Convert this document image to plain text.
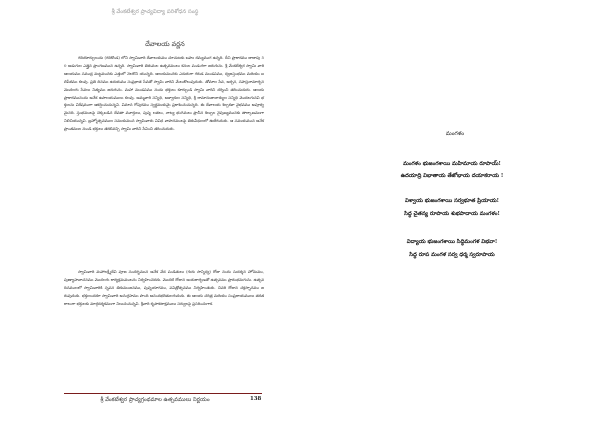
శ్రీ వేంకటేశ్వర ప్రాచ్యవిద్యా పరిశోధన సంస్థ
దేవాలయ వర్ణన
గదియోర్పులందు (గదికొండ) లోని స్వామివారి దేవాలయము చూచుటకు బహు రమ్యముగ ఉన్నది. దీని ప్రాకారము దాదాపు 50 అడుగుల ఎత్తైన ప్రాంగణమున ఉన్నది. స్వామివారి తిరుమల ఉత్సవములు కనుల పండుగగా జరుగును. శ్రీ వేంకటేశ్వర స్వామి వారి ఆలయము సముద్ర మట్టమునకు ఎత్తులో నెలకొని యున్నది. ఆలయమునకు ఎదురుగా గరుడ మండపము, ధ్వజస్తంభము మరియు బలిపీఠము కలవు. ప్రతి దినము ఉదయము సుప్రభాత సేవతో స్వామి వారిని మేలుకొలుపుదురు. తోమాల సేవ, అర్చన, సహస్రనామార్చన మొదలగు సేవలు నిత్యము జరుగును. మహా మండపము నందు భక్తులు కూర్చుండి స్వామి వారిని దర్శించి తరించుదురు. ఆలయ ప్రాకారమునందు అనేక ఉపాలయములు కలవు. అమ్మవారి సన్నిధి, ఆళ్వారుల సన్నిధి, శ్రీ రామానుజాచార్యుల సన్నిధి మొదలగునవి భక్తులను విశేషముగా ఆకర్షించుచున్నవి. విమాన గోపురము స్వర్ణమయమై ప్రకాశించుచున్నది. ఈ దేవాలయ శిల్పకళా వైభవము అపూర్వమైనది. స్తంభములపై చెక్కబడిన దేవతా మూర్తులు, పుష్ప లతలు, నాట్య భంగిమలు ప్రాచీన శిల్పుల నైపుణ్యమునకు తార్కాణముగా నిలిచియున్నవి. బ్రహ్మోత్సవముల సమయమున స్వామివారు వివిధ వాహనములపై తిరువీధులలో ఊరేగుదురు. ఆ సమయమున అనేక ప్రాంతముల నుండి భక్తులు తరలివచ్చి స్వామి వారిని సేవించి తరించుదురు.
స్వామివారి మహాలక్ష్మీదేవి పూజ సందర్భమున అనేక వేద పండితులు (గురు సాన్నిధ్య) రోజు నందు సుదర్శన హోమము, పుణ్యాహవాచనము మొదలగు కార్యక్రమములను నిర్వహించెదరు. మొదటి రోజున అంకురార్పణతో ఉత్సవము ప్రారంభమగును. ఉత్సవ దినములలో స్వామివారికి స్నపన తిరుమంజనము, పుష్పయాగము, పవిత్రోత్సవము నిర్వహింతురు. చివరి రోజున చక్రస్నానము జరుపుదురు. భక్తులందరూ స్వామివారి అనుగ్రహము పొంది ఆనందభరితులగుదురు. ఈ ఆలయ చరిత్ర మరియు సంప్రదాయములు తరతరాలుగా భక్తులకు మార్గదర్శకముగా నిలుచుచున్నవి. శ్రీవారి కృపాకటాక్షములు సర్వులపై ప్రసరించుగాక.
శ్రీ వేంకటేశ్వర ప్రాచ్యగ్రంథమాల ఉత్సవములు నిర్ణయం	138
మంగళం
మంగళం భుజంగశాయి మహిమాయ రూపాయ్!
ఉదయాద్రి విభాతాయ తేజోభాయ దయాకరాయ !
విశ్వాయ భుజంగశాయి సర్వభూత ప్రియాయ!
సిద్ధ చైతన్య రూపాయ శుభపాదాయ మంగళం!
విద్యాయ భుజంగశాయి సిద్ధిమంగళ విభవా!
సిద్ధ రూప మంగళ సర్వ ధర్మ స్వరూపాయ
